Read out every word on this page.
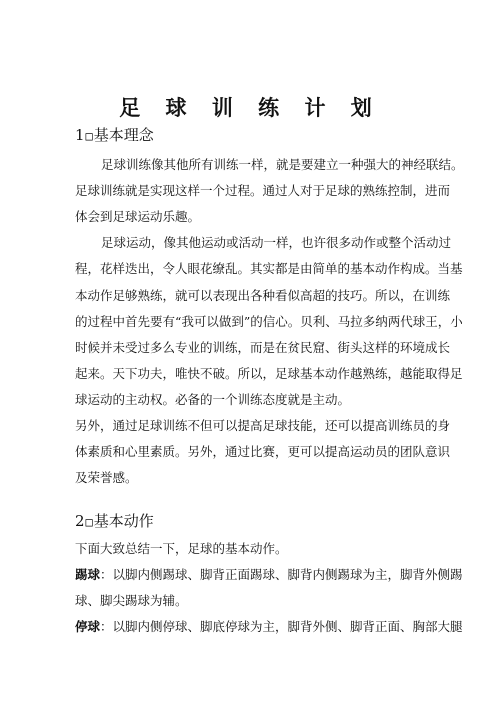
足 球 训 练 计 划
1□基本理念

足球训练像其他所有训练一样，就是要建立一种强大的神经联结。

足球训练就是实现这样一个过程。通过人对于足球的熟练控制，进而

体会到足球运动乐趣。

足球运动，像其他运动或活动一样，也许很多动作或整个活动过

程，花样迭出，令人眼花缭乱。其实都是由简单的基本动作构成。当基

本动作足够熟练，就可以表现出各种看似高超的技巧。所以，在训练

的过程中首先要有“我可以做到”的信心。贝利、马拉多纳两代球王，小

时候并未受过多么专业的训练，而是在贫民窟、街头这样的环境成长

起来。天下功夫，唯快不破。所以，足球基本动作越熟练，越能取得足

球运动的主动权。必备的一个训练态度就是主动。

另外，通过足球训练不但可以提高足球技能，还可以提高训练员的身

体素质和心里素质。另外，通过比赛，更可以提高运动员的团队意识

及荣誉感。

2□基本动作

下面大致总结一下，足球的基本动作。

踢球：以脚内侧踢球、脚背正面踢球、脚背内侧踢球为主，脚背外侧踢

球、脚尖踢球为辅。

停球：以脚内侧停球、脚底停球为主，脚背外侧、脚背正面、胸部大腿
